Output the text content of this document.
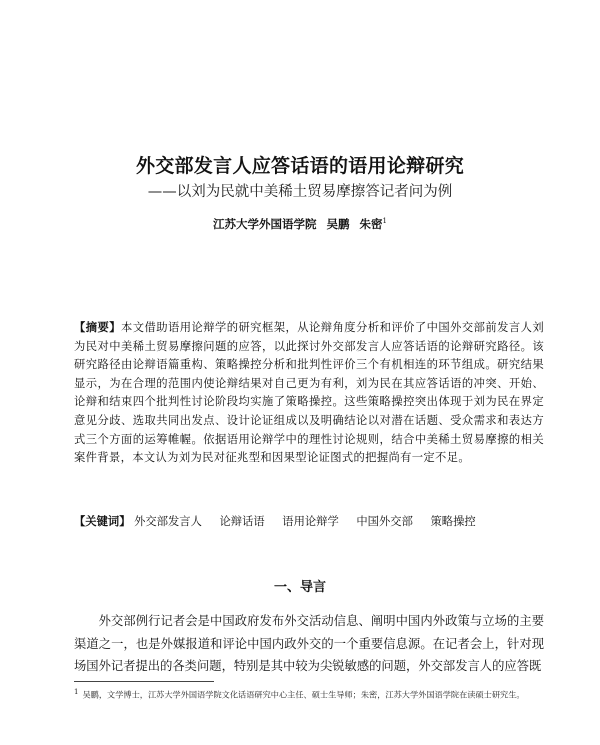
外交部发言人应答话语的语用论辩研究
——以刘为民就中美稀土贸易摩擦答记者问为例
江苏大学外国语学院 吴鹏 朱密$^1$
【摘要】本文借助语用论辩学的研究框架，从论辩角度分析和评价了中国外交部前发言人刘为民对中美稀土贸易摩擦问题的应答，以此探讨外交部发言人应答话语的论辩研究路径。该研究路径由论辩语篇重构、策略操控分析和批判性评价三个有机相连的环节组成。研究结果显示，为在合理的范围内使论辩结果对自己更为有利，刘为民在其应答话语的冲突、开始、论辩和结束四个批判性讨论阶段均实施了策略操控。这些策略操控突出体现于刘为民在界定意见分歧、选取共同出发点、设计论证组成以及明确结论以对潜在话题、受众需求和表达方式三个方面的运筹帷幄。依据语用论辩学中的理性讨论规则，结合中美稀土贸易摩擦的相关案件背景，本文认为刘为民对征兆型和因果型论证图式的把握尚有一定不足。
【关键词】 外交部发言人 论辩话语 语用论辩学 中国外交部 策略操控
一、导言
外交部例行记者会是中国政府发布外交活动信息、阐明中国内外政策与立场的主要渠道之一，也是外媒报道和评论中国内政外交的一个重要信息源。在记者会上，针对现场国外记者提出的各类问题，特别是其中较为尖锐敏感的问题，外交部发言人的应答既
$^1$ 吴鹏，文学博士，江苏大学外国语学院文化话语研究中心主任、硕士生导师；朱密，江苏大学外国语学院在读硕士研究生。
